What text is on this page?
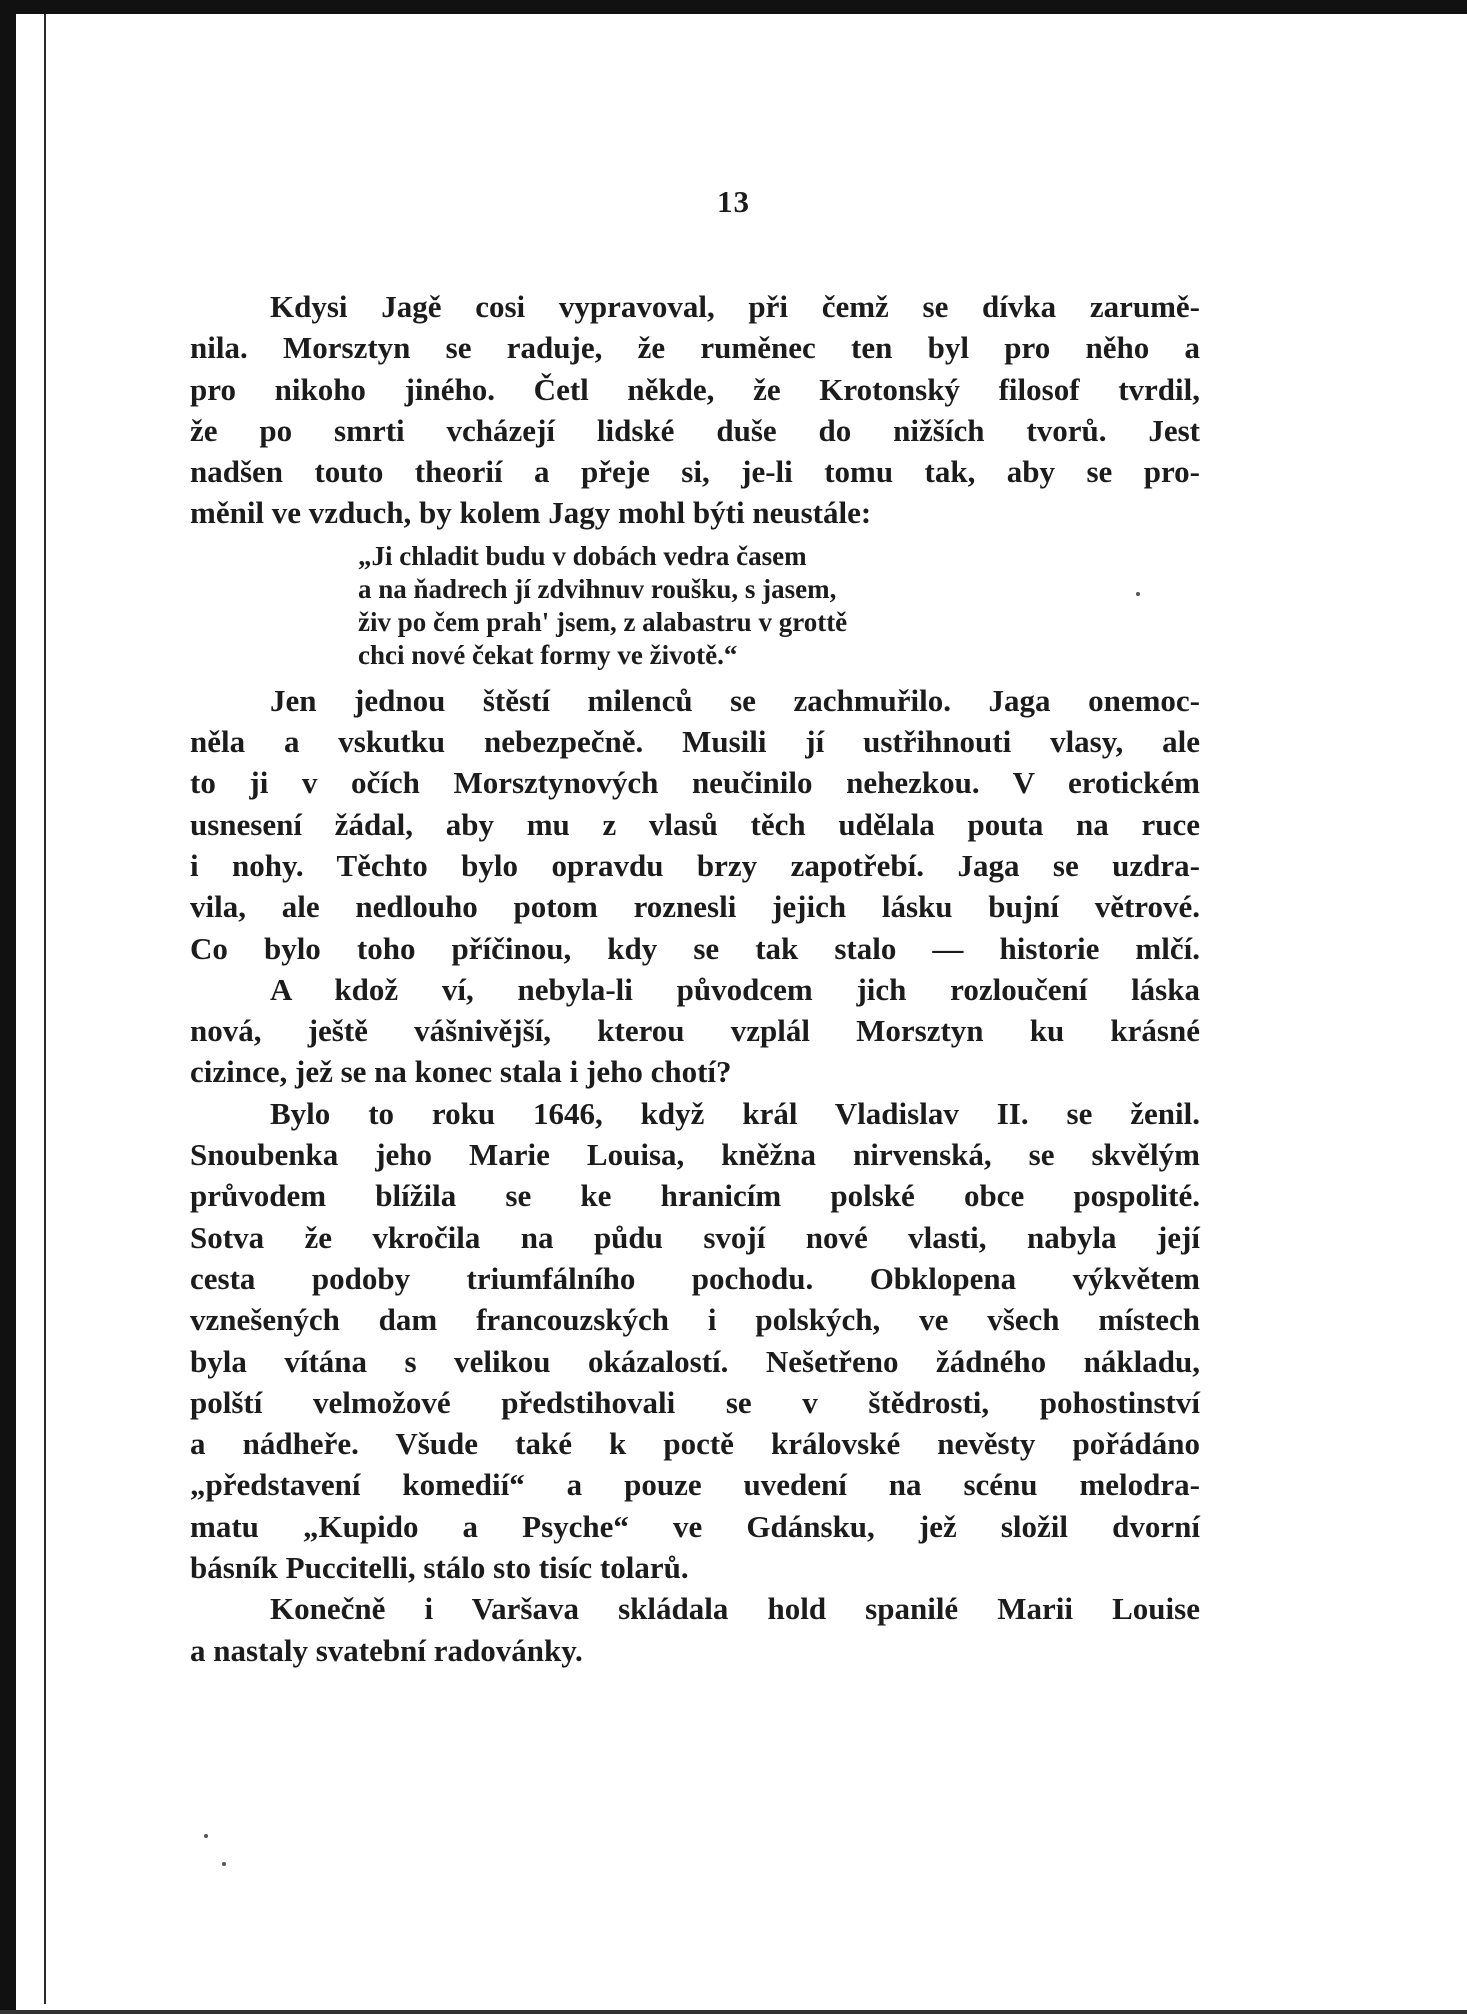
13
Kdysi Jagě cosi vypravoval, při čemž se dívka zarumě-
nila. Morsztyn se raduje, že ruměnec ten byl pro něho a
pro nikoho jiného. Četl někde, že Krotonský filosof tvrdil,
že po smrti vcházejí lidské duše do nižších tvorů. Jest
nadšen touto theorií a přeje si, je-li tomu tak, aby se pro-
měnil ve vzduch, by kolem Jagy mohl býti neustále:
„Ji chladit budu v dobách vedra časem
a na ňadrech jí zdvihnuv roušku, s jasem,
živ po čem prah' jsem, z alabastru v grottě
chci nové čekat formy ve životě.“
Jen jednou štěstí milenců se zachmuřilo. Jaga onemoc-
něla a vskutku nebezpečně. Musili jí ustřihnouti vlasy, ale
to ji v očích Morsztynových neučinilo nehezkou. V erotickém
usnesení žádal, aby mu z vlasů těch udělala pouta na ruce
i nohy. Těchto bylo opravdu brzy zapotřebí. Jaga se uzdra-
vila, ale nedlouho potom roznesli jejich lásku bujní větrové.
Co bylo toho příčinou, kdy se tak stalo — historie mlčí.
A kdož ví, nebyla-li původcem jich rozloučení láska
nová, ještě vášnivější, kterou vzplál Morsztyn ku krásné
cizince, jež se na konec stala i jeho chotí?
Bylo to roku 1646, když král Vladislav II. se ženil.
Snoubenka jeho Marie Louisa, kněžna nirvenská, se skvělým
průvodem blížila se ke hranicím polské obce pospolité.
Sotva že vkročila na půdu svojí nové vlasti, nabyla její
cesta podoby triumfálního pochodu. Obklopena výkvětem
vznešených dam francouzských i polských, ve všech místech
byla vítána s velikou okázalostí. Nešetřeno žádného nákladu,
polští velmožové předstihovali se v štědrosti, pohostinství
a nádheře. Všude také k poctě královské nevěsty pořádáno
„představení komedií“ a pouze uvedení na scénu melodra-
matu „Kupido a Psyche“ ve Gdánsku, jež složil dvorní
básník Puccitelli, stálo sto tisíc tolarů.
Konečně i Varšava skládala hold spanilé Marii Louise
a nastaly svatební radovánky.
